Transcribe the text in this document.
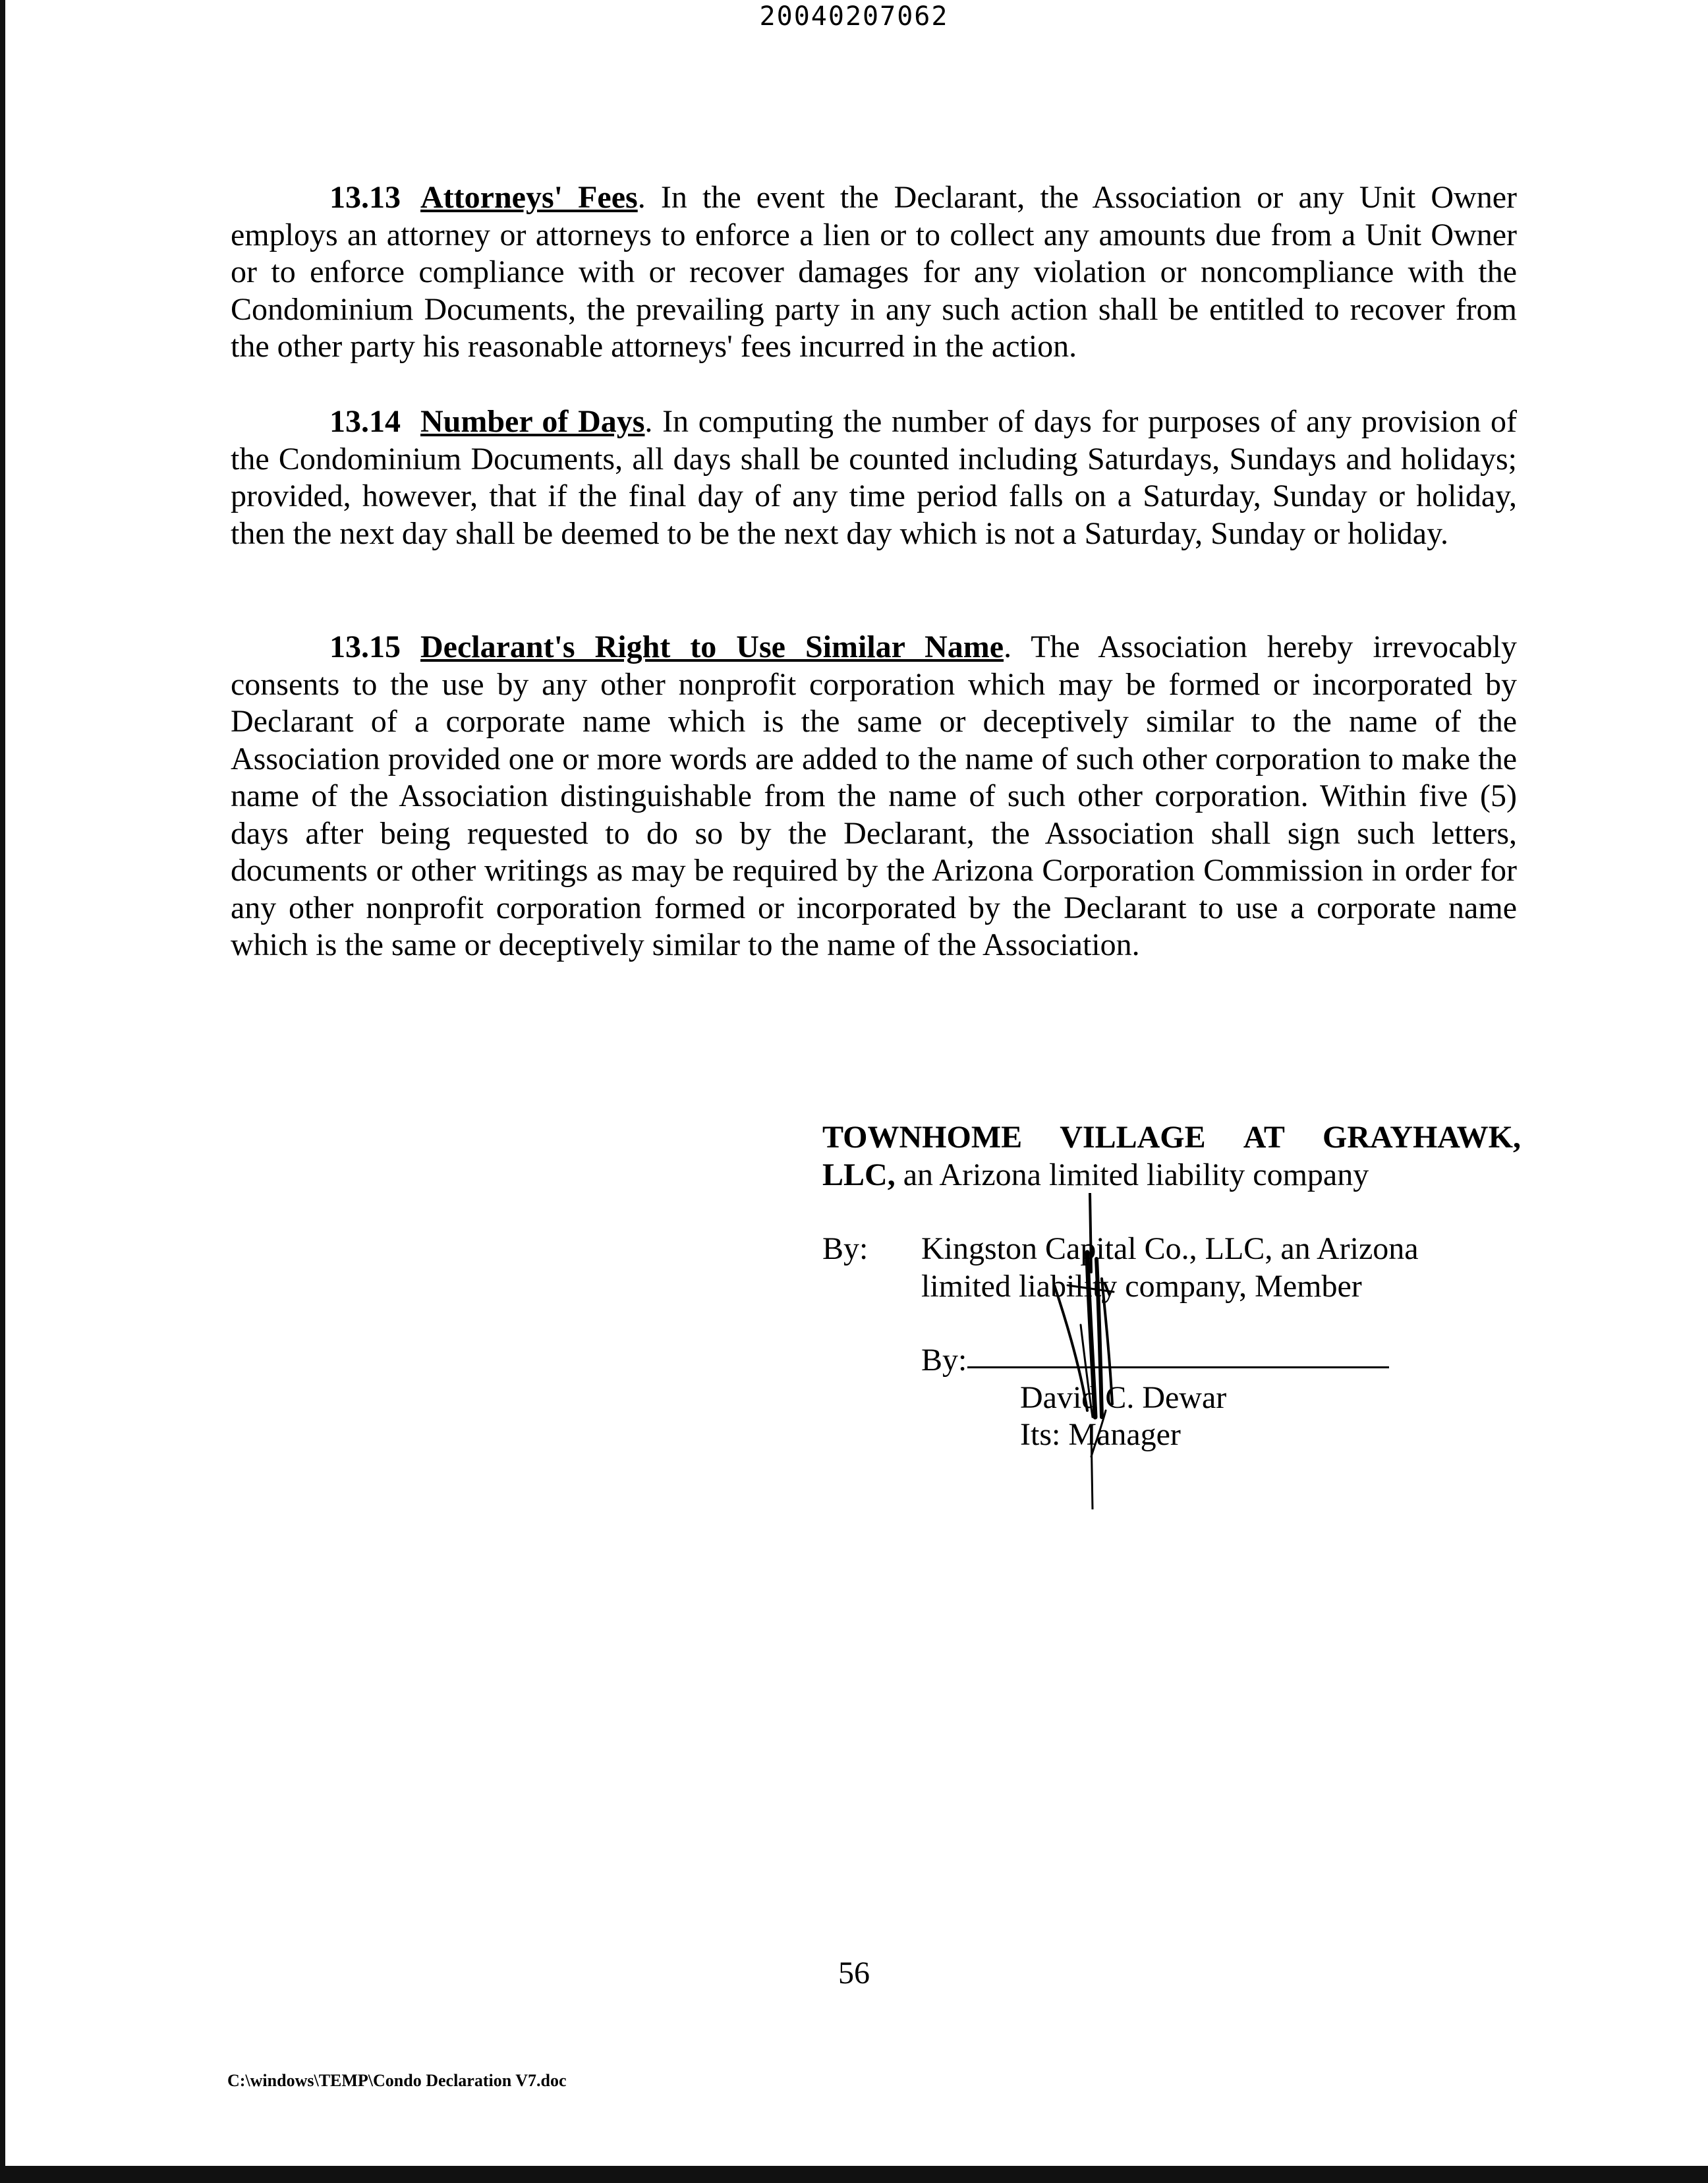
20040207062

13.13 Attorneys' Fees. In the event the Declarant, the Association or any Unit Owner employs an attorney or attorneys to enforce a lien or to collect any amounts due from a Unit Owner or to enforce compliance with or recover damages for any violation or noncompliance with the Condominium Documents, the prevailing party in any such action shall be entitled to recover from the other party his reasonable attorneys' fees incurred in the action.

13.14 Number of Days. In computing the number of days for purposes of any provision of the Condominium Documents, all days shall be counted including Saturdays, Sundays and holidays; provided, however, that if the final day of any time period falls on a Saturday, Sunday or holiday, then the next day shall be deemed to be the next day which is not a Saturday, Sunday or holiday.

13.15 Declarant's Right to Use Similar Name. The Association hereby irrevocably consents to the use by any other nonprofit corporation which may be formed or incorporated by Declarant of a corporate name which is the same or deceptively similar to the name of the Association provided one or more words are added to the name of such other corporation to make the name of the Association distinguishable from the name of such other corporation. Within five (5) days after being requested to do so by the Declarant, the Association shall sign such letters, documents or other writings as may be required by the Arizona Corporation Commission in order for any other nonprofit corporation formed or incorporated by the Declarant to use a corporate name which is the same or deceptively similar to the name of the Association.

TOWNHOME VILLAGE AT GRAYHAWK,
LLC, an Arizona limited liability company
By: Kingston Capital Co., LLC, an Arizona
limited liability company, Member
By:
David C. Dewar
Its: Manager
56
C:\windows\TEMP\Condo Declaration V7.doc
